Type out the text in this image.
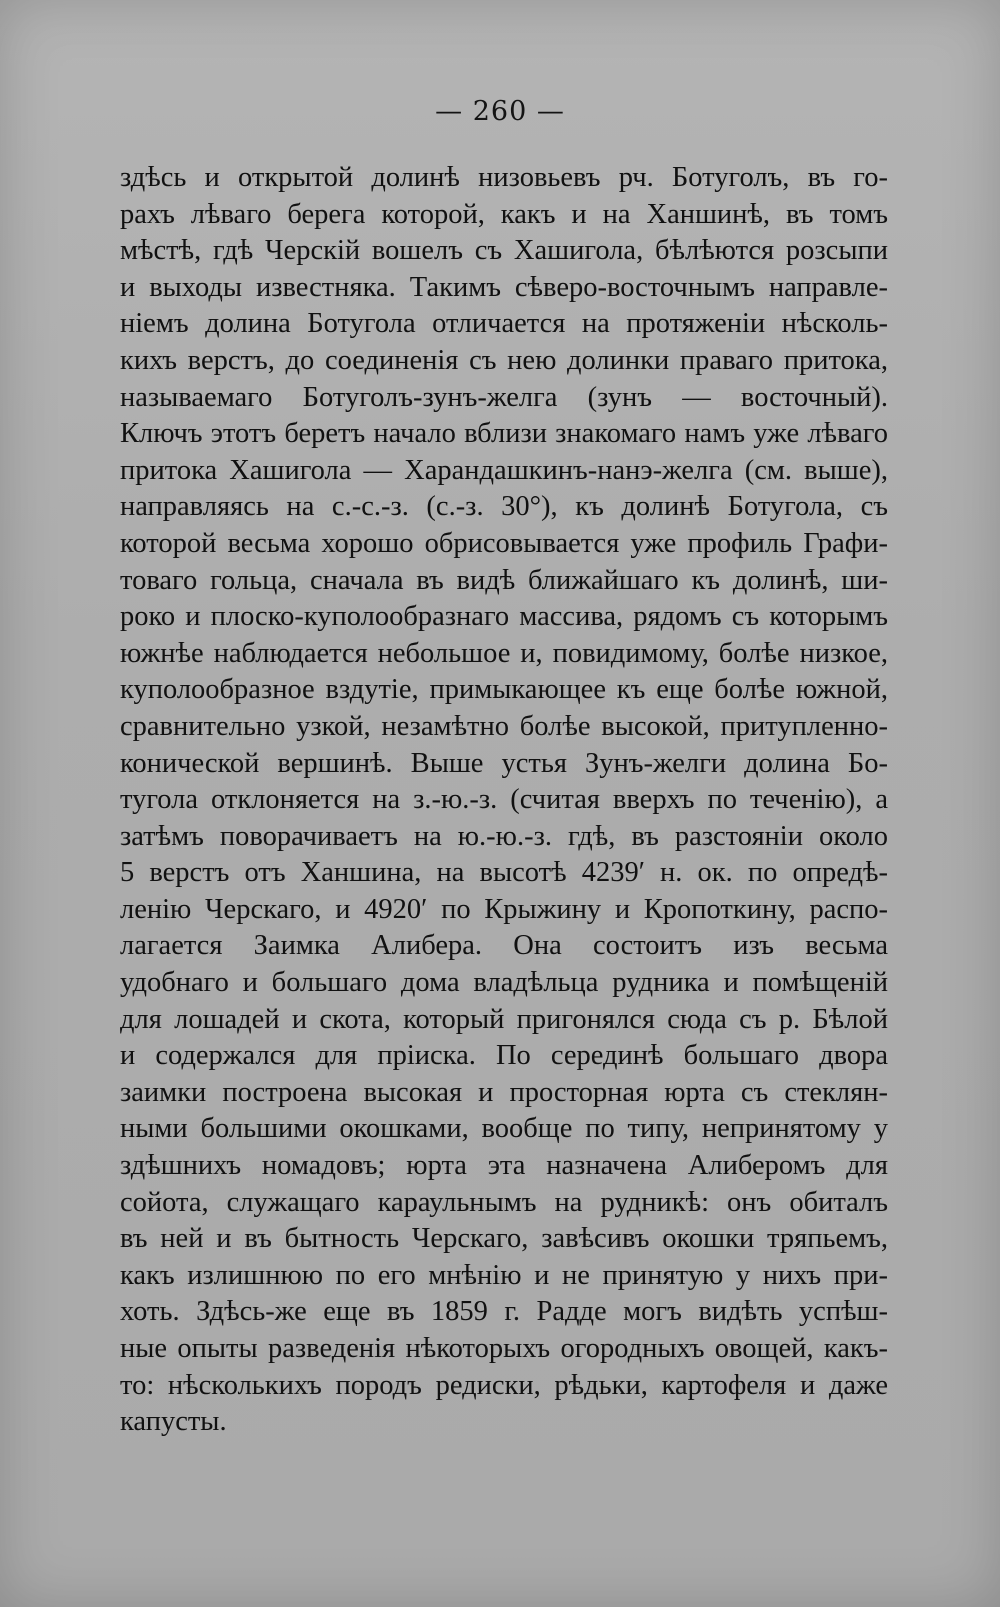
— 260 —
здѣсь и открытой долинѣ низовьевъ рч. Ботуголъ, въ го-
рахъ лѣваго берега которой, какъ и на Ханшинѣ, въ томъ
мѣстѣ, гдѣ Черскій вошелъ съ Хашигола, бѣлѣются розсыпи
и выходы известняка. Такимъ сѣверо-восточнымъ направле-
ніемъ долина Ботугола отличается на протяженіи нѣсколь-
кихъ верстъ, до соединенія съ нею долинки праваго притока,
называемаго Ботуголъ-зунъ-желга (зунъ — восточный).
Ключъ этотъ беретъ начало вблизи знакомаго намъ уже лѣваго
притока Хашигола — Харандашкинъ-нанэ-желга (см. выше),
направляясь на с.-с.-з. (с.-з. 30°), къ долинѣ Ботугола, съ
которой весьма хорошо обрисовывается уже профиль Графи-
товаго гольца, сначала въ видѣ ближайшаго къ долинѣ, ши-
роко и плоско-куполообразнаго массива, рядомъ съ которымъ
южнѣе наблюдается небольшое и, повидимому, болѣе низкое,
куполообразное вздутіе, примыкающее къ еще болѣе южной,
сравнительно узкой, незамѣтно болѣе высокой, притупленно-
конической вершинѣ. Выше устья Зунъ-желги долина Бо-
тугола отклоняется на з.-ю.-з. (считая вверхъ по теченію), а
затѣмъ поворачиваетъ на ю.-ю.-з. гдѣ, въ разстояніи около
5 верстъ отъ Ханшина, на высотѣ 4239′ н. ок. по опредѣ-
ленію Черскаго, и 4920′ по Крыжину и Кропоткину, распо-
лагается Заимка Алибера. Она состоитъ изъ весьма
удобнаго и большаго дома владѣльца рудника и помѣщеній
для лошадей и скота, который пригонялся сюда съ р. Бѣлой
и содержался для пріиска. По серединѣ большаго двора
заимки построена высокая и просторная юрта съ стеклян-
ными большими окошками, вообще по типу, непринятому у
здѣшнихъ номадовъ; юрта эта назначена Алиберомъ для
сойота, служащаго караульнымъ на рудникѣ: онъ обиталъ
въ ней и въ бытность Черскаго, завѣсивъ окошки тряпьемъ,
какъ излишнюю по его мнѣнію и не принятую у нихъ при-
хоть. Здѣсь-же еще въ 1859 г. Радде могъ видѣть успѣш-
ные опыты разведенія нѣкоторыхъ огородныхъ овощей, какъ-
то: нѣсколькихъ породъ редиски, рѣдьки, картофеля и даже
капусты.
